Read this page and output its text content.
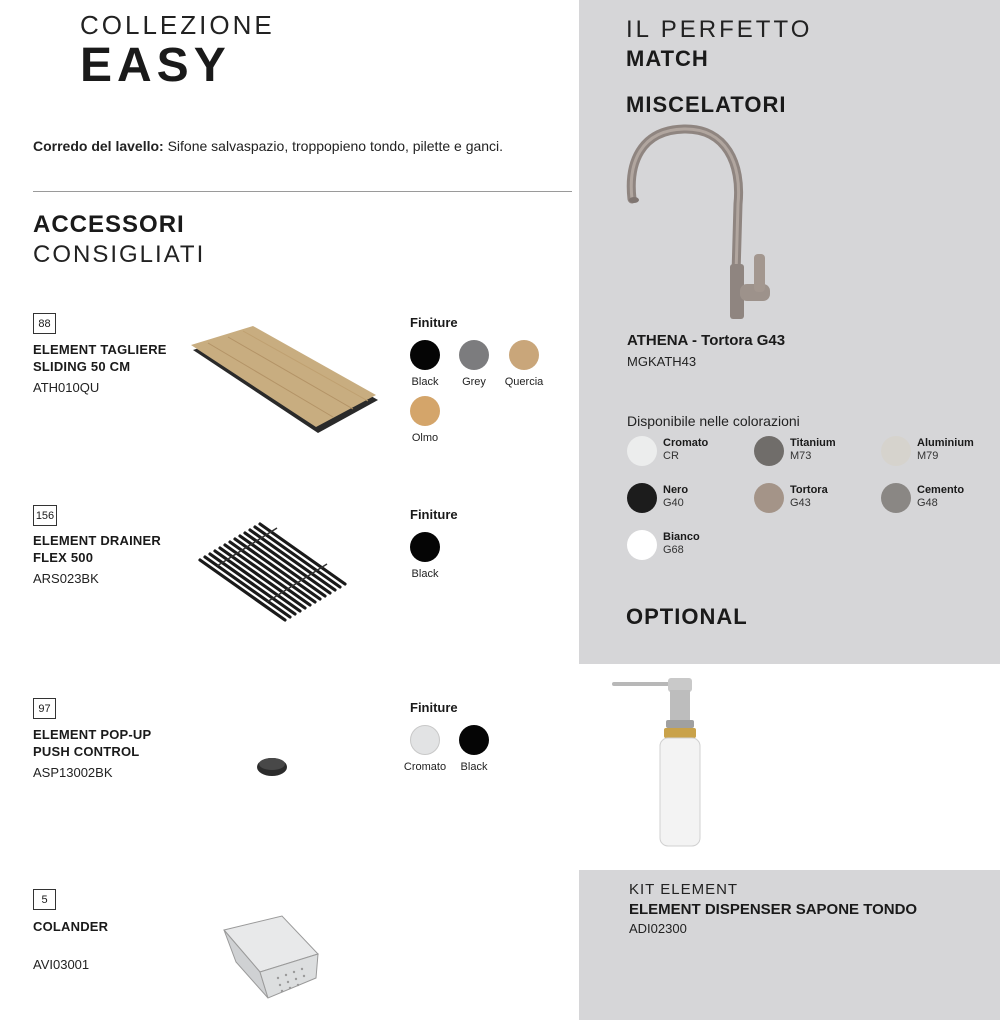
COLLEZIONE
EASY
Corredo del lavello: Sifone salvaspazio, troppopieno tondo, pilette e ganci.
ACCESSORI
CONSIGLIATI
88
ELEMENT TAGLIERE
SLIDING 50 CM
ATH010QU
Finiture
Black	Grey	Quercia
Olmo
156
ELEMENT DRAINER
FLEX 500
ARS023BK
Finiture
Black
97
ELEMENT POP-UP
PUSH CONTROL
ASP13002BK
Finiture
Cromato	Black
5
COLANDER
AVI03001
IL PERFETTO
MATCH
MISCELATORI
ATHENA - Tortora G43
MGKATH43
Disponibile nelle colorazioni
Cromato
CR
Titanium
M73
Aluminium
M79
Nero
G40
Tortora
G43
Cemento
G48
Bianco
G68
OPTIONAL
KIT ELEMENT
ELEMENT DISPENSER SAPONE TONDO
ADI02300
